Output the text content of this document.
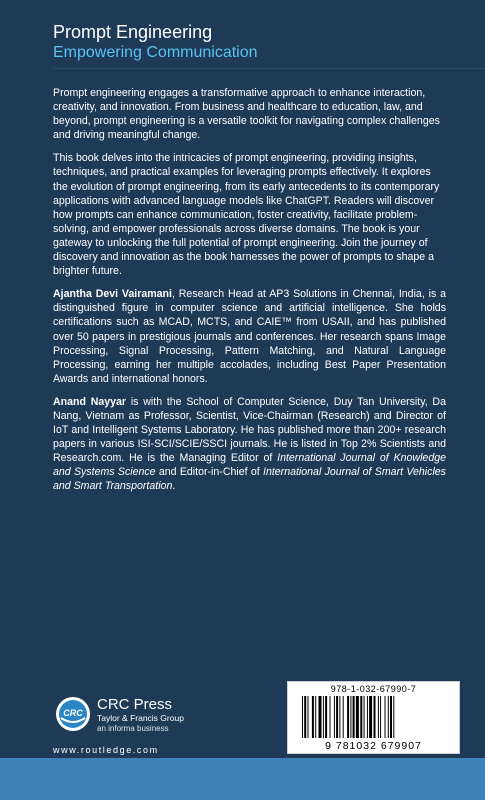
Prompt Engineering
Empowering Communication

Prompt engineering engages a transformative approach to enhance interaction, creativity, and innovation. From business and healthcare to education, law, and beyond, prompt engineering is a versatile toolkit for navigating complex challenges and driving meaningful change.

This book delves into the intricacies of prompt engineering, providing insights, techniques, and practical examples for leveraging prompts effectively. It explores the evolution of prompt engineering, from its early antecedents to its contemporary applications with advanced language models like ChatGPT. Readers will discover how prompts can enhance communication, foster creativity, facilitate problem-solving, and empower professionals across diverse domains. The book is your gateway to unlocking the full potential of prompt engineering. Join the journey of discovery and innovation as the book harnesses the power of prompts to shape a brighter future.

Ajantha Devi Vairamani, Research Head at AP3 Solutions in Chennai, India, is a distinguished figure in computer science and artificial intelligence. She holds certifications such as MCAD, MCTS, and CAIE™ from USAII, and has published over 50 papers in prestigious journals and conferences. Her research spans Image Processing, Signal Processing, Pattern Matching, and Natural Language Processing, earning her multiple accolades, including Best Paper Presentation Awards and international honors.

Anand Nayyar is with the School of Computer Science, Duy Tan University, Da Nang, Vietnam as Professor, Scientist, Vice-Chairman (Research) and Director of IoT and Intelligent Systems Laboratory. He has published more than 200+ research papers in various ISI-SCI/SCIE/SSCI journals. He is listed in Top 2% Scientists and Research.com. He is the Managing Editor of International Journal of Knowledge and Systems Science and Editor-in-Chief of International Journal of Smart Vehicles and Smart Transportation.

CRC CRC Press
Taylor & Francis Group
an informa business
www.routledge.com
978-1-032-67990-7
9 781032 679907
